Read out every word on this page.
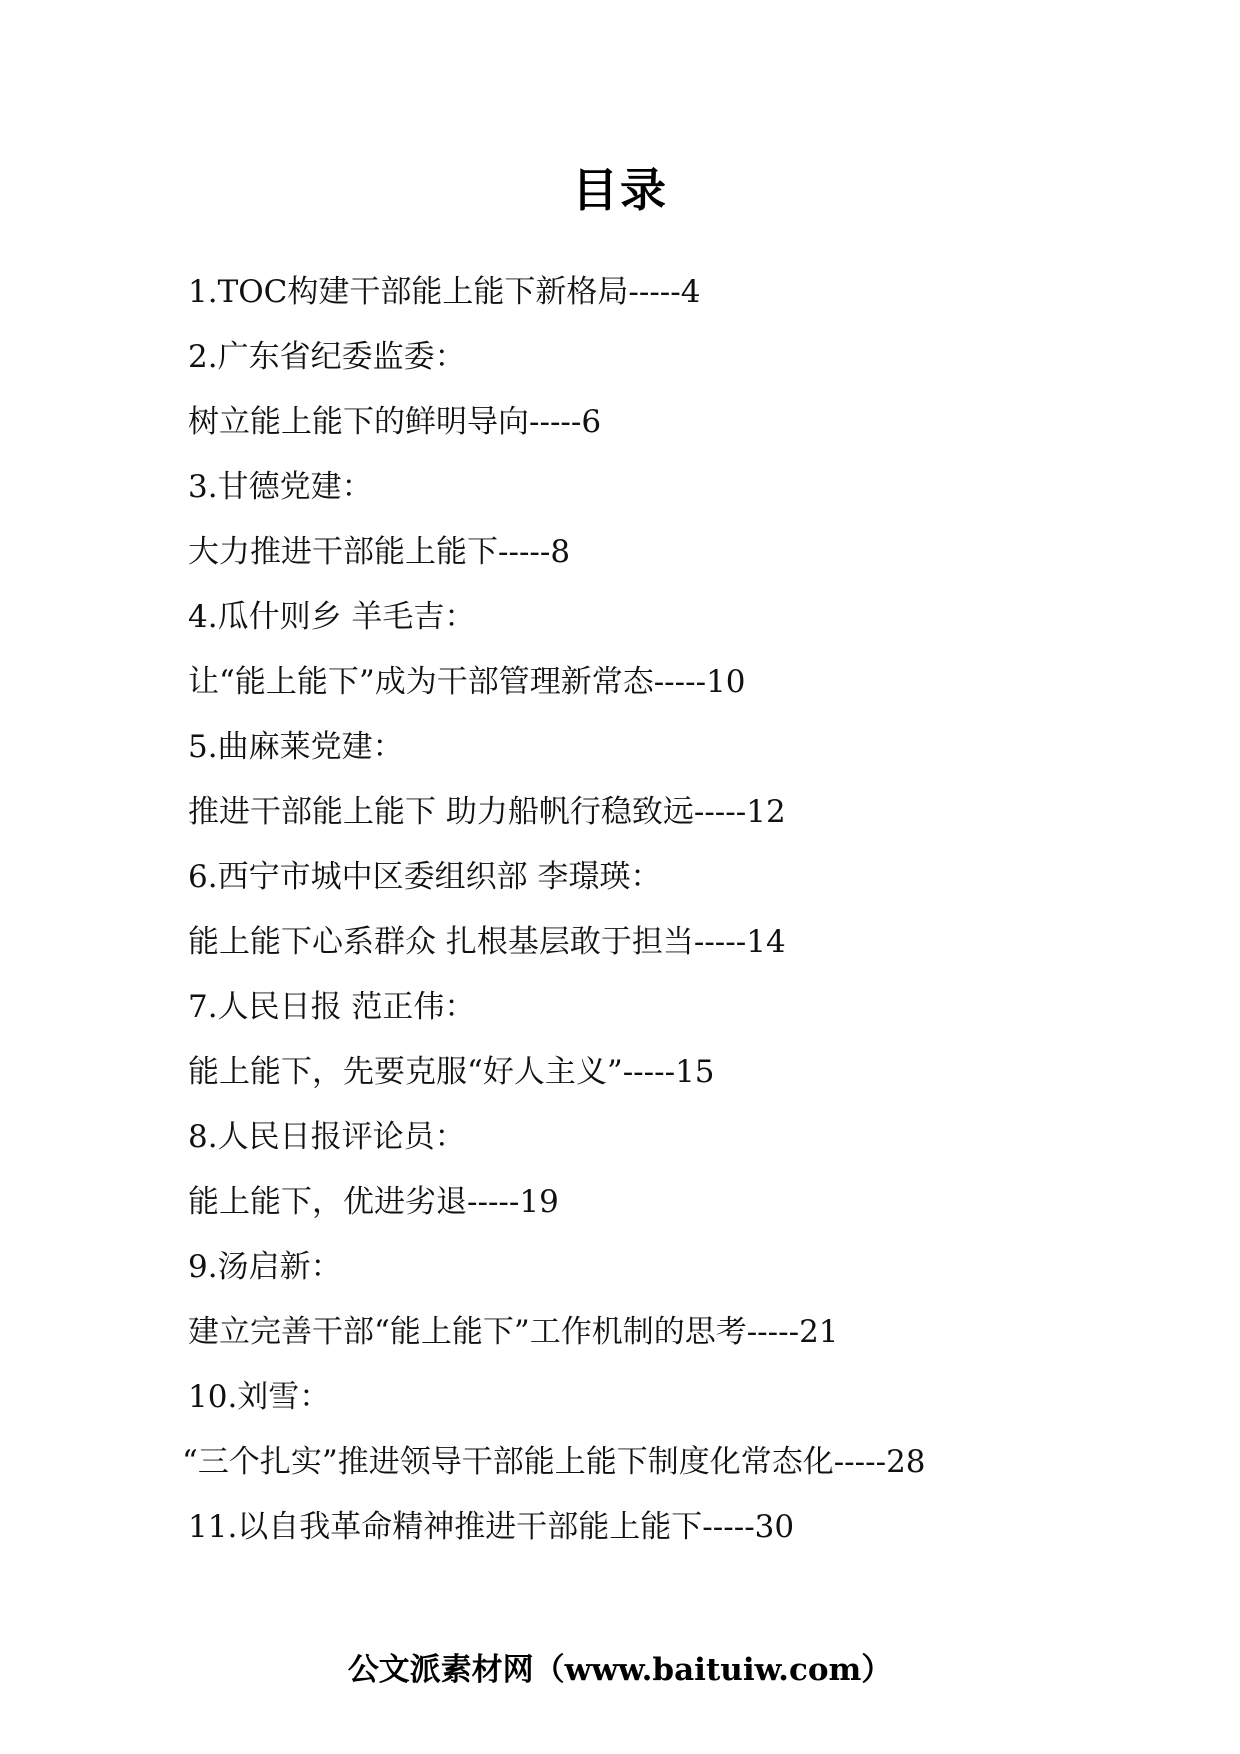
目录
1.TOC构建干部能上能下新格局-----4
2.广东省纪委监委：
树立能上能下的鲜明导向-----6
3.甘德党建：
大力推进干部能上能下-----8
4.瓜什则乡 羊毛吉：
让“能上能下”成为干部管理新常态-----10
5.曲麻莱党建：
推进干部能上能下 助力船帆行稳致远-----12
6.西宁市城中区委组织部 李璟瑛：
能上能下心系群众 扎根基层敢于担当-----14
7.人民日报 范正伟：
能上能下，先要克服“好人主义”-----15
8.人民日报评论员：
能上能下，优进劣退-----19
9.汤启新：
建立完善干部“能上能下”工作机制的思考-----21
10.刘雪：
“三个扎实”推进领导干部能上能下制度化常态化-----28
11.以自我革命精神推进干部能上能下-----30
公文派素材网（www.baituiw.com）
